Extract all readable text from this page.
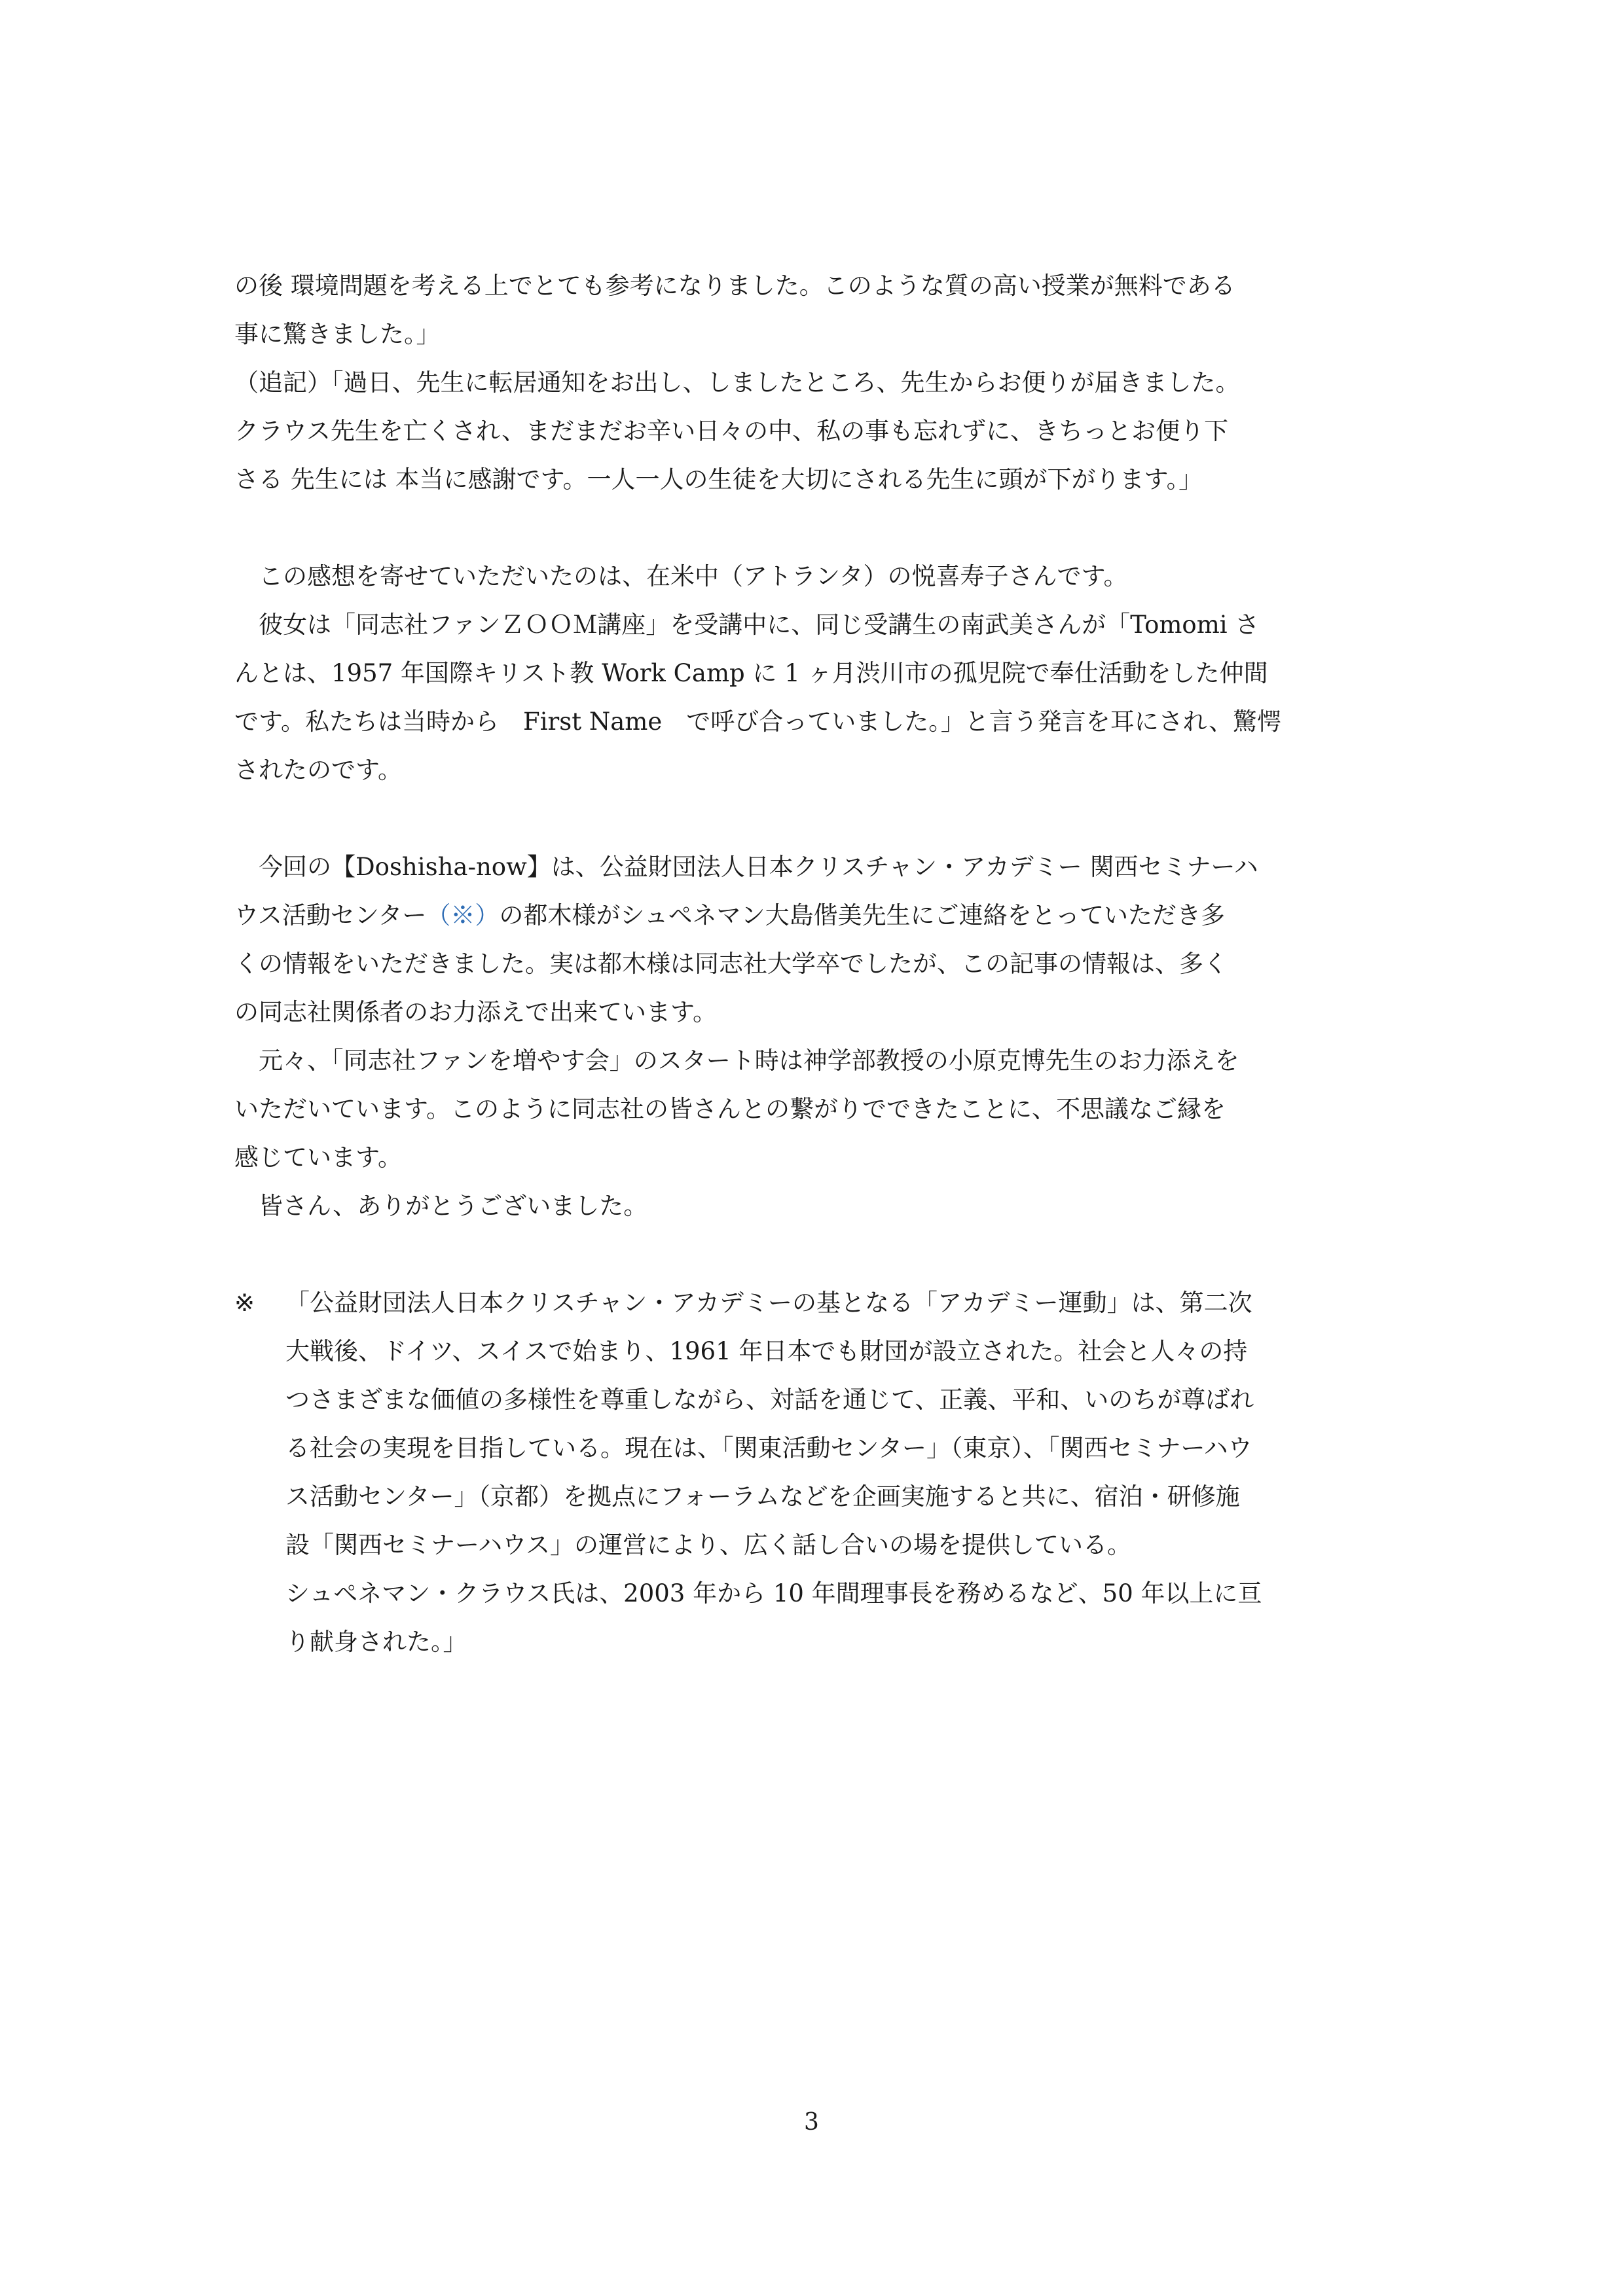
の後 環境問題を考える上でとても参考になりました。このような質の高い授業が無料である
事に驚きました。」
（追記）「過日、先生に転居通知をお出し、しましたところ、先生からお便りが届きました。
クラウス先生を亡くされ、まだまだお辛い日々の中、私の事も忘れずに、きちっとお便り下
さる 先生には 本当に感謝です。一人一人の生徒を大切にされる先生に頭が下がります。」
　この感想を寄せていただいたのは、在米中（アトランタ）の悦喜寿子さんです。
　彼女は「同志社ファンＺＯＯＭ講座」を受講中に、同じ受講生の南武美さんが「Tomomi さ
んとは、1957 年国際キリスト教 Work Camp に 1 ヶ月渋川市の孤児院で奉仕活動をした仲間
です。私たちは当時から　First Name　で呼び合っていました。」と言う発言を耳にされ、驚愕
されたのです。
　今回の【Doshisha-now】は、公益財団法人日本クリスチャン・アカデミー 関西セミナーハ
ウス活動センター（※）の都木様がシュペネマン大島偕美先生にご連絡をとっていただき多
くの情報をいただきました。実は都木様は同志社大学卒でしたが、この記事の情報は、多く
の同志社関係者のお力添えで出来ています。
　元々、「同志社ファンを増やす会」のスタート時は神学部教授の小原克博先生のお力添えを
いただいています。このように同志社の皆さんとの繋がりでできたことに、不思議なご縁を
感じています。
　皆さん、ありがとうございました。
※ 「公益財団法人日本クリスチャン・アカデミーの基となる「アカデミー運動」は、第二次
大戦後、ドイツ、スイスで始まり、1961 年日本でも財団が設立された。社会と人々の持
つさまざまな価値の多様性を尊重しながら、対話を通じて、正義、平和、いのちが尊ばれ
る社会の実現を目指している。現在は、「関東活動センター」（東京）、「関西セミナーハウ
ス活動センター」（京都）を拠点にフォーラムなどを企画実施すると共に、宿泊・研修施
設「関西セミナーハウス」の運営により、広く話し合いの場を提供している。
シュペネマン・クラウス氏は、2003 年から 10 年間理事長を務めるなど、50 年以上に亘
り献身された。」
3
